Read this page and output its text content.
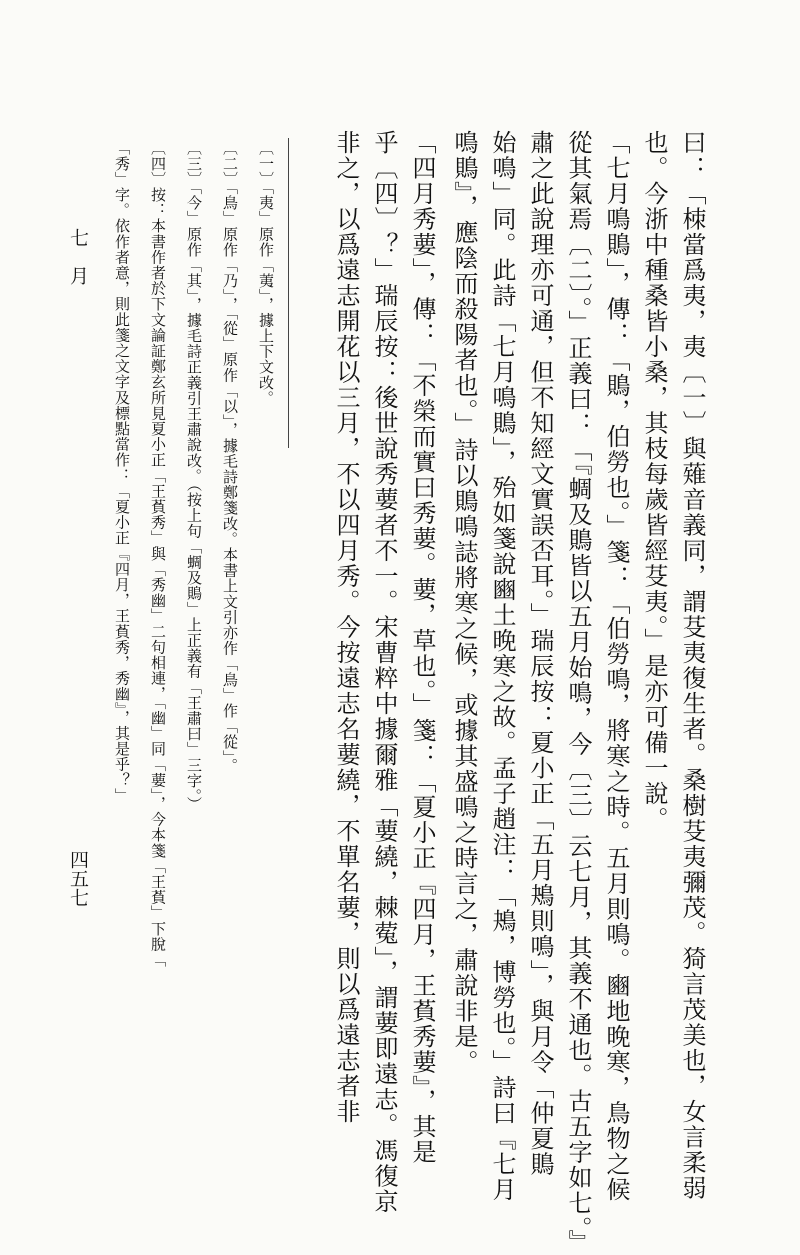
曰：「栜當爲夷，夷〔一〕與薙音義同，謂芟夷復生者。桑樹芟夷彌茂。猗言茂美也，女言柔弱
也。今浙中種桑皆小桑，其枝每歲皆經芟夷。」是亦可備一說。
「七月鳴鵙」，傳：「鵙，伯勞也。」箋：「伯勞鳴，將寒之時。五月則鳴。豳地晚寒，鳥物之候
從其氣焉〔二〕。」正義曰：「『蜩及鵙皆以五月始鳴，今〔三〕云七月，其義不通也。古五字如七。』
肅之此說理亦可通，但不知經文實誤否耳。」瑞辰按：夏小正「五月鴂則鳴」，與月令「仲夏鵙
始鳴」同。此詩「七月鳴鵙」，殆如箋說豳土晚寒之故。孟子趙注：「鴂，博勞也。」詩曰『七月
鳴鵙』，應陰而殺陽者也。」詩以鵙鳴誌將寒之候，或據其盛鳴之時言之，肅說非是。
「四月秀葽」，傳：「不榮而實曰秀葽。葽，草也。」箋：「夏小正『四月，王萯秀葽』，其是
乎〔四〕？」瑞辰按：後世說秀葽者不一。宋曹粹中據爾雅「葽繞，棘蒬」，謂葽即遠志。馮復京
非之，以爲遠志開花以三月，不以四月秀。今按遠志名葽繞，不單名葽，則以爲遠志者非
〔一〕「夷」原作「荑」，據上下文改。
〔二〕「鳥」原作「乃」，「從」原作「以」，據毛詩鄭箋改。本書上文引亦作「鳥」作「從」。
〔三〕「今」原作「其」，據毛詩正義引王肅說改。（按上句「蜩及鵙」上正義有「王肅曰」三字。）
〔四〕按：本書作者於下文論証鄭玄所見夏小正「王萯秀」與「秀幽」二句相連，「幽」同「葽」，今本箋「王萯」下脫「
「秀」字。依作者意，則此箋之文字及標點當作：「夏小正『四月，王萯秀，秀幽』，其是乎？」
七　月
四五七
